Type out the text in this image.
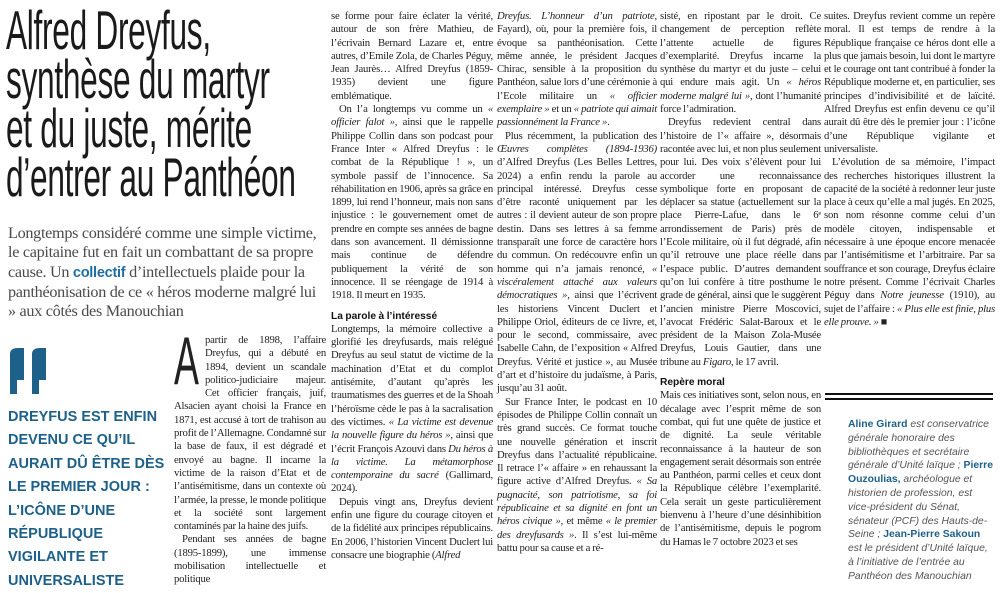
Alfred Dreyfus,
synthèse du martyr
et du juste, mérite
d’entrer au Panthéon
Longtemps considéré comme une simple victime, le capitaine fut en fait un combattant de sa propre cause. Un collectif d’intellectuels plaide pour la panthéonisation de ce « héros moderne malgré lui » aux côtés des Manouchian
DREYFUS EST ENFIN DEVENU CE QU’IL AURAIT DÛ ÊTRE DÈS LE PREMIER JOUR : L’ICÔNE D’UNE RÉPUBLIQUE VIGILANTE ET UNIVERSALISTE

Apartir de 1898, l’affaire Dreyfus, qui a débuté en 1894, devient un scandale politico-judiciaire majeur. Cet officier français, juif, Alsacien ayant choisi la France en 1871, est accusé à tort de trahison au profit de l’Allemagne. Condamné sur la base de faux, il est dégradé et envoyé au bagne. Il incarne la victime de la raison d’Etat et de l’antisémitisme, dans un contexte où l’armée, la presse, le monde politique et la société sont largement contaminés par la haine des juifs.

Pendant ses années de bagne (1895-1899), une immense mobilisation intellectuelle et politique

se forme pour faire éclater la vérité, autour de son frère Mathieu, de l’écrivain Bernard Lazare et, entre autres, d’Emile Zola, de Charles Péguy, Jean Jaurès… Alfred Dreyfus (1859-1935) devient une figure emblématique.

On l’a longtemps vu comme un « officier falot », ainsi que le rappelle Philippe Collin dans son podcast pour France Inter « Alfred Dreyfus : le combat de la République ! », un symbole passif de l’innocence. Sa réhabilitation en 1906, après sa grâce en 1899, lui rend l’honneur, mais non sans injustice : le gouvernement omet de prendre en compte ses années de bagne dans son avancement. Il démissionne mais continue de défendre publiquement la vérité de son innocence. Il se réengage de 1914 à 1918. Il meurt en 1935.

La parole à l’intéressé

Longtemps, la mémoire collective a glorifié les dreyfusards, mais relégué Dreyfus au seul statut de victime de la machination d’Etat et du complot antisémite, d’autant qu’après les traumatismes des guerres et de la Shoah l’héroïsme cède le pas à la sacralisation des victimes. « La victime est devenue la nouvelle figure du héros », ainsi que l’écrit François Azouvi dans Du héros à la victime. La métamorphose contemporaine du sacré (Gallimard, 2024).

Depuis vingt ans, Dreyfus devient enfin une figure du courage citoyen et de la fidélité aux principes républicains. En 2006, l’historien Vincent Duclert lui consacre une biographie (Alfred

Dreyfus. L’honneur d’un patriote, Fayard), où, pour la première fois, il évoque sa panthéonisation. Cette même année, le président Jacques Chirac, sensible à la proposition du Panthéon, salue lors d’une cérémonie à l’Ecole militaire un « officier exemplaire » et un « patriote qui aimait passionnément la France ».

Plus récemment, la publication des Œuvres complètes (1894-1936) d’Alfred Dreyfus (Les Belles Lettres, 2024) a enfin rendu la parole au principal intéressé. Dreyfus cesse d’être raconté uniquement par les autres : il devient auteur de son propre destin. Dans ses lettres à sa femme transparaît une force de caractère hors du commun. On redécouvre enfin un homme qui n’a jamais renoncé, « viscéralement attaché aux valeurs démocratiques », ainsi que l’écrivent les historiens Vincent Duclert et Philippe Oriol, éditeurs de ce livre, et, pour le second, commissaire, avec Isabelle Cahn, de l’exposition « Alfred Dreyfus. Vérité et justice », au Musée d’art et d’histoire du judaïsme, à Paris, jusqu’au 31 août.

Sur France Inter, le podcast en 10 épisodes de Philippe Collin connaît un très grand succès. Ce format touche une nouvelle génération et inscrit Dreyfus dans l’actualité républicaine. Il retrace l’« affaire » en rehaussant la figure active d’Alfred Dreyfus. « Sa pugnacité, son patriotisme, sa foi républicaine et sa dignité en font un héros civique », et même « le premier des dreyfusards ». Il s’est lui-même battu pour sa cause et a ré-

sisté, en ripostant par le droit. Ce changement de perception reflète l’attente actuelle de figures d’exemplarité. Dreyfus incarne la synthèse du martyr et du juste – celui qui endure mais agit. Un « héros moderne malgré lui », dont l’humanité force l’admiration.

Dreyfus redevient central dans l’histoire de l’« affaire », désormais racontée avec lui, et non plus seulement pour lui. Des voix s’élèvent pour lui accorder une reconnaissance symbolique forte en proposant de déplacer sa statue (actuellement sur la place Pierre-Lafue, dans le 6ᵉ arrondissement de Paris) près de l’Ecole militaire, où il fut dégradé, afin qu’il retrouve une place réelle dans l’espace public. D’autres demandent qu’on lui confère à titre posthume le grade de général, ainsi que le suggèrent l’ancien ministre Pierre Moscovici, l’avocat Frédéric Salat-Baroux et le président de la Maison Zola-Musée Dreyfus, Louis Gautier, dans une tribune au Figaro, le 17 avril.

Repère moral

Mais ces initiatives sont, selon nous, en décalage avec l’esprit même de son combat, qui fut une quête de justice et de dignité. La seule véritable reconnaissance à la hauteur de son engagement serait désormais son entrée au Panthéon, parmi celles et ceux dont la République célèbre l’exemplarité. Cela serait un geste particulièrement bienvenu à l’heure d’une désinhibition de l’antisémitisme, depuis le pogrom du Hamas le 7 octobre 2023 et ses

suites. Dreyfus revient comme un repère moral. Il est temps de rendre à la République française ce héros dont elle a plus que jamais besoin, lui dont le martyre et le courage ont tant contribué à fonder la République moderne et, en particulier, ses principes d’indivisibilité et de laïcité. Alfred Dreyfus est enfin devenu ce qu’il aurait dû être dès le premier jour : l’icône d’une République vigilante et universaliste.

L’évolution de sa mémoire, l’impact des recherches historiques illustrent la capacité de la société à redonner leur juste place à ceux qu’elle a mal jugés. En 2025, son nom résonne comme celui d’un modèle citoyen, indispensable et nécessaire à une époque encore menacée par l’antisémitisme et l’arbitraire. Par sa souffrance et son courage, Dreyfus éclaire notre présent. Comme l’écrivait Charles Péguy dans Notre jeunesse (1910), au sujet de l’affaire : « Plus elle est finie, plus elle prouve. » ■

Aline Girard est conservatrice générale honoraire des bibliothèques et secrétaire générale d’Unité laïque ; Pierre Ouzoulias, archéologue et historien de profession, est vice-président du Sénat, sénateur (PCF) des Hauts-de-Seine ; Jean-Pierre Sakoun est le président d’Unité laïque, à l’initiative de l’entrée au Panthéon des Manouchian
